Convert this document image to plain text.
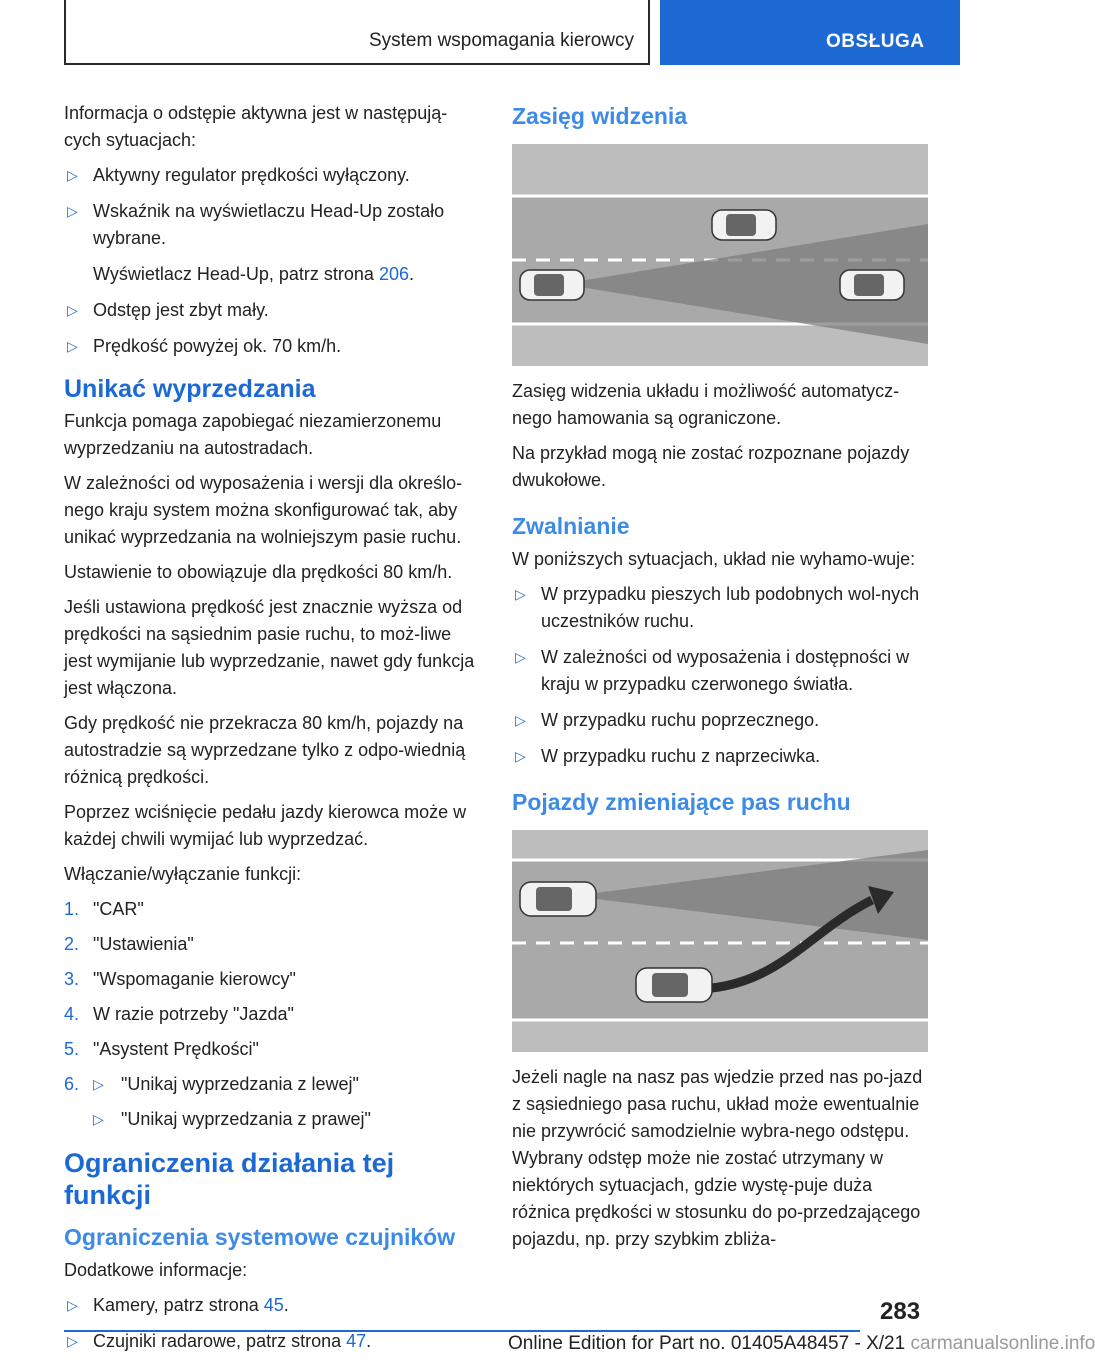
System wspomagania kierowcy	OBSŁUGA
Informacja o odstępie aktywna jest w następują-cych sytuacjach:
▷ Aktywny regulator prędkości wyłączony.
▷ Wskaźnik na wyświetlaczu Head-Up zostało wybrane.
Wyświetlacz Head-Up, patrz strona 206.
▷ Odstęp jest zbyt mały.
▷ Prędkość powyżej ok. 70 km/h.
Unikać wyprzedzania
Funkcja pomaga zapobiegać niezamierzonemu wyprzedzaniu na autostradach.
W zależności od wyposażenia i wersji dla określo-nego kraju system można skonfigurować tak, aby unikać wyprzedzania na wolniejszym pasie ruchu.
Ustawienie to obowiązuje dla prędkości 80 km/h.
Jeśli ustawiona prędkość jest znacznie wyższa od prędkości na sąsiednim pasie ruchu, to moż-liwe jest wymijanie lub wyprzedzanie, nawet gdy funkcja jest włączona.
Gdy prędkość nie przekracza 80 km/h, pojazdy na autostradzie są wyprzedzane tylko z odpo-wiednią różnicą prędkości.
Poprzez wciśnięcie pedału jazdy kierowca może w każdej chwili wymijać lub wyprzedzać.
Włączanie/wyłączanie funkcji:
1. "CAR"
2. "Ustawienia"
3. "Wspomaganie kierowcy"
4. W razie potrzeby "Jazda"
5. "Asystent Prędkości"
6. ▷ "Unikaj wyprzedzania z lewej"
▷ "Unikaj wyprzedzania z prawej"
Ograniczenia działania tej funkcji
Ograniczenia systemowe czujników
Dodatkowe informacje:
▷ Kamery, patrz strona 45.
▷ Czujniki radarowe, patrz strona 47.
Zasięg widzenia
Zasięg widzenia układu i możliwość automatycz-nego hamowania są ograniczone.
Na przykład mogą nie zostać rozpoznane pojazdy dwukołowe.
Zwalnianie
W poniższych sytuacjach, układ nie wyhamo-wuje:
▷ W przypadku pieszych lub podobnych wol-nych uczestników ruchu.
▷ W zależności od wyposażenia i dostępności w kraju w przypadku czerwonego światła.
▷ W przypadku ruchu poprzecznego.
▷ W przypadku ruchu z naprzeciwka.
Pojazdy zmieniające pas ruchu
Jeżeli nagle na nasz pas wjedzie przed nas po-jazd z sąsiedniego pasa ruchu, układ może ewentualnie nie przywrócić samodzielnie wybra-nego odstępu. Wybrany odstęp może nie zostać utrzymany w niektórych sytuacjach, gdzie wystę-puje duża różnica prędkości w stosunku do po-przedzającego pojazdu, np. przy szybkim zbliża-
283
Online Edition for Part no. 01405A48457 - X/21 carmanualsonline.info
